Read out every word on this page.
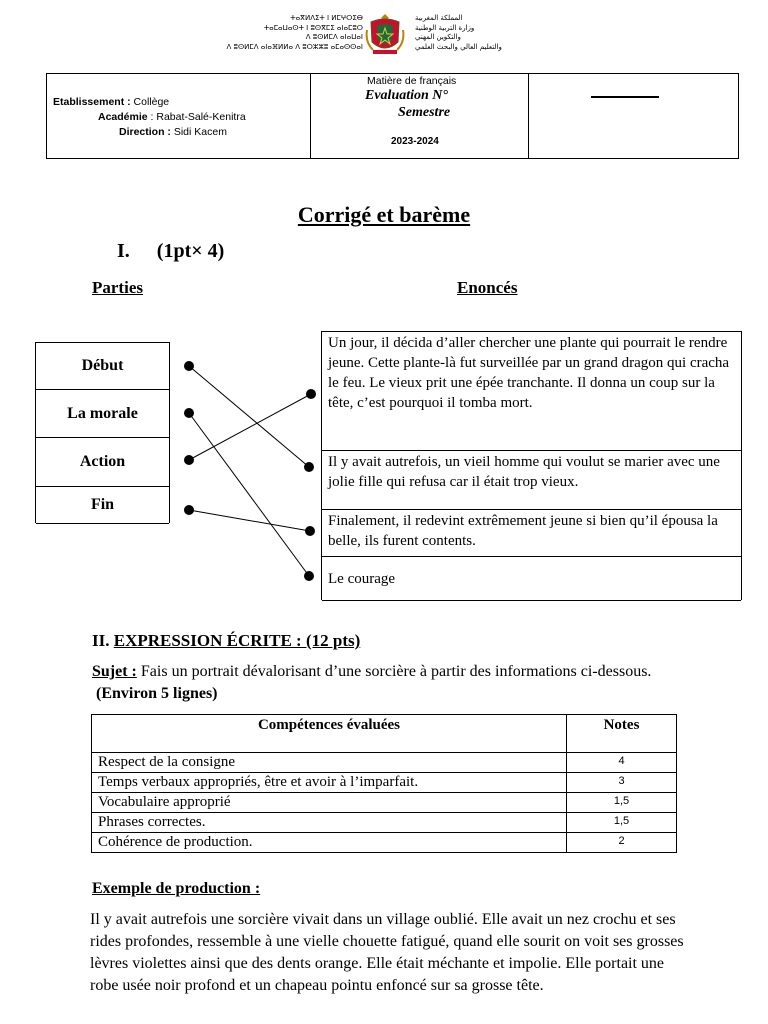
ⵜⴰⴳⵍⴷⵉⵜ ⵏ ⵍⵎⵖⵔⵉⴱ
ⵜⴰⵎⴰⵡⴰⵙⵜ ⵏ ⵓⵙⴳⵎⵉ ⴰⵏⴰⵎⵓⵔ
ⴷ ⵓⵙⵍⵎⴷ ⴰⵏⴰⵡⴰⵏ
ⴷ ⵓⵙⵍⵎⴷ ⴰⵏⴰⴼⵍⵍⴰ ⴷ ⵓⵔⵣⵣⵓ ⴰⵎⴰⵙⵙⴰⵏ
المملكة المغربية
وزارة التربية الوطنية
والتكوين المهني
والتعليم العالي والبحث العلمي
Etablissement : Collège
Académie : Rabat-Salé-Kenitra
Direction : Sidi Kacem
Matière de français
Evaluation N°
Semestre
2023-2024
Corrigé et barème
I. (1pt× 4)
Parties	Enoncés
Début
La morale
Action
Fin
Un jour, il décida d’aller chercher une plante qui pourrait le rendre jeune. Cette plante-là fut surveillée par un grand dragon qui cracha le feu. Le vieux prit une épée tranchante. Il donna un coup sur la tête, c’est pourquoi il tomba mort.
Il y avait autrefois, un vieil homme qui voulut se marier avec une jolie fille qui refusa car il était trop vieux.
Finalement, il redevint extrêmement jeune si bien qu’il épousa la belle, ils furent contents.
Le courage
II. EXPRESSION ÉCRITE : (12 pts)
Sujet : Fais un portrait dévalorisant d’une sorcière à partir des informations ci-dessous. (Environ 5 lignes)
Compétences évaluées	Notes
Respect de la consigne	4
Temps verbaux appropriés, être et avoir à l’imparfait.	3
Vocabulaire approprié	1,5
Phrases correctes.	1,5
Cohérence de production.	2
Exemple de production :
Il y avait autrefois une sorcière vivait dans un village oublié. Elle avait un nez crochu et ses rides profondes, ressemble à une vielle chouette fatigué, quand elle sourit on voit ses grosses lèvres violettes ainsi que des dents orange. Elle était méchante et impolie. Elle portait une robe usée noir profond et un chapeau pointu enfoncé sur sa grosse tête.
